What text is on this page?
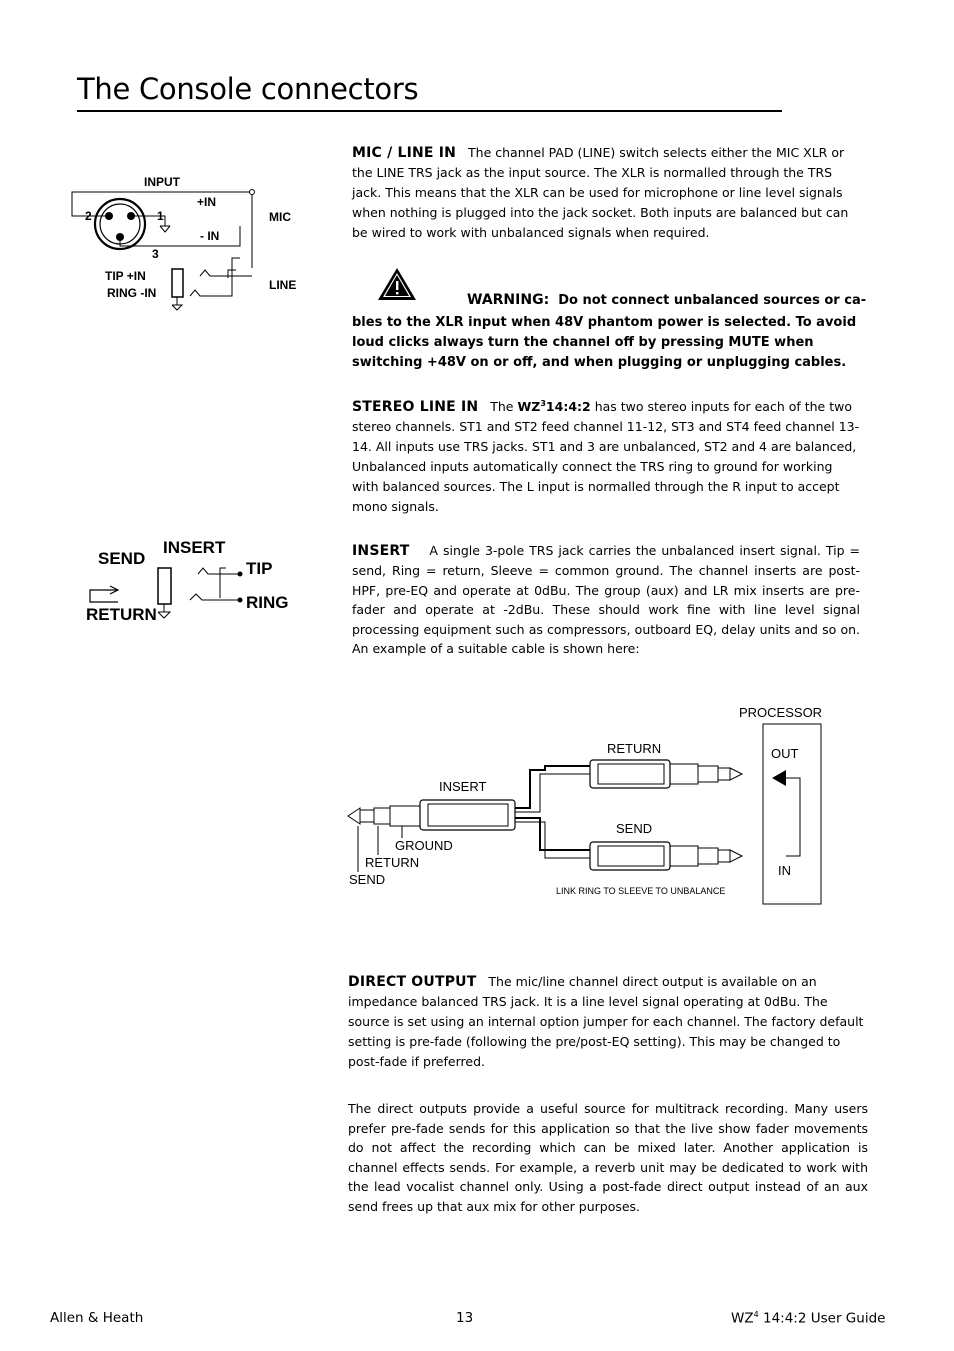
The Console connectors
INPUT
2	1
3
+IN
- IN
MIC
TIP +IN
RING -IN
LINE
MIC / LINE IN The channel PAD (LINE) switch selects either the MIC XLR or the LINE TRS jack as the input source. The XLR is normalled through the TRS jack. This means that the XLR can be used for microphone or line level signals when nothing is plugged into the jack socket. Both inputs are balanced but can be wired to work with unbalanced signals when required.
WARNING: Do not connect unbalanced sources or ca-
bles to the XLR input when 48V phantom power is selected. To avoid loud clicks always turn the channel off by pressing MUTE when switching +48V on or off, and when plugging or unplugging cables.
STEREO LINE IN The $WZ^314:4:2$ has two stereo inputs for each of the two stereo channels. ST1 and ST2 feed channel 11-12, ST3 and ST4 feed channel 13-14. All inputs use TRS jacks. ST1 and 3 are unbalanced, ST2 and 4 are balanced, Unbalanced inputs automatically connect the TRS ring to ground for working with balanced sources. The L input is normalled through the R input to accept mono signals.
SEND
INSERT
RETURN
TIP
RING
INSERT A single 3-pole TRS jack carries the unbalanced insert signal. Tip = send, Ring = return, Sleeve = common ground. The channel inserts are post-HPF, pre-EQ and operate at 0dBu. The group (aux) and LR mix inserts are pre-fader and operate at -2dBu. These should work fine with line level signal processing equipment such as compressors, outboard EQ, delay units and so on. An example of a suitable cable is shown here:
PROCESSOR
OUT
IN
RETURN
INSERT
SEND
GROUND
RETURN
SEND
LINK RING TO SLEEVE TO UNBALANCE
DIRECT OUTPUT The mic/line channel direct output is available on an impedance balanced TRS jack. It is a line level signal operating at 0dBu. The source is set using an internal option jumper for each channel. The factory default setting is pre-fade (following the pre/post-EQ setting). This may be changed to post-fade if preferred.
The direct outputs provide a useful source for multitrack recording. Many users prefer pre-fade sends for this application so that the live show fader movements do not affect the recording which can be mixed later. Another application is channel effects sends. For example, a reverb unit may be dedicated to work with the lead vocalist channel only. Using a post-fade direct output instead of an aux send frees up that aux mix for other purposes.
Allen & Heath	13	$WZ^4$ 14:4:2 User Guide
